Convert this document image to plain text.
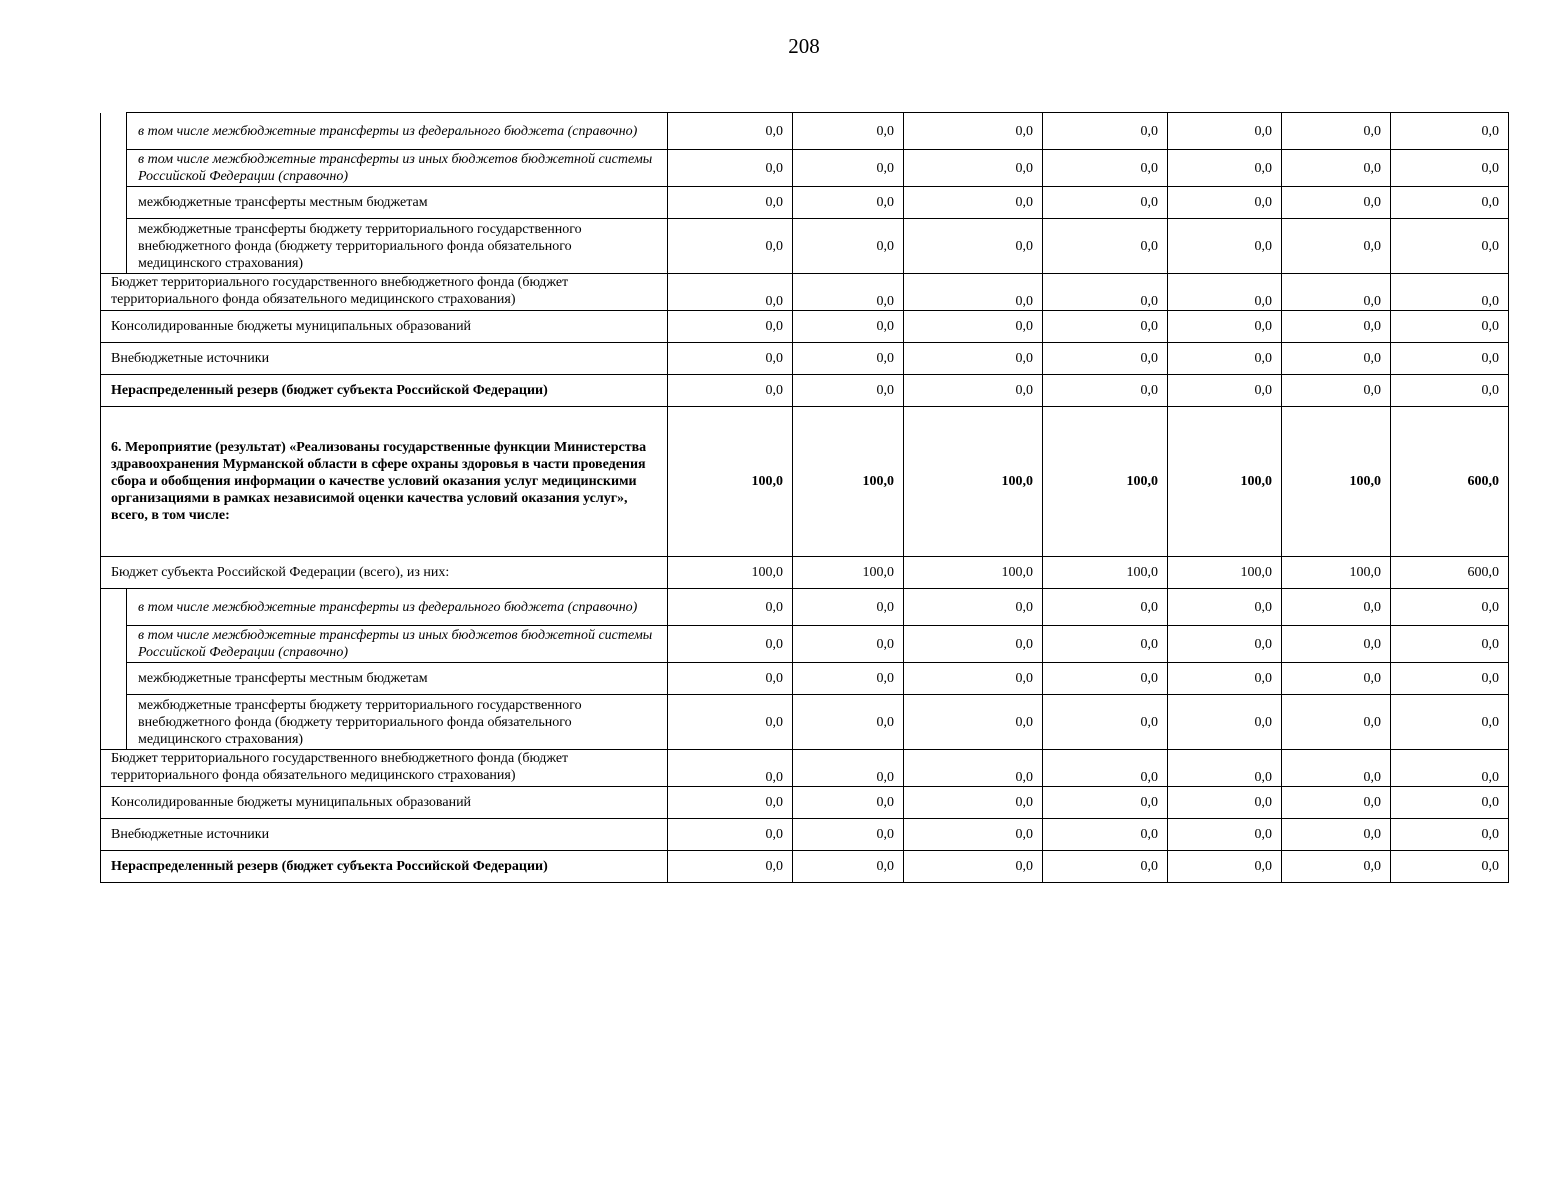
208
	в том числе межбюджетные трансферты из федерального бюджета (справочно)	0,0	0,0	0,0	0,0	0,0	0,0	0,0
	в том числе межбюджетные трансферты из иных бюджетов бюджетной системы Российской Федерации (справочно)	0,0	0,0	0,0	0,0	0,0	0,0	0,0
	межбюджетные трансферты местным бюджетам	0,0	0,0	0,0	0,0	0,0	0,0	0,0
	межбюджетные трансферты бюджету территориального государственного внебюджетного фонда (бюджету территориального фонда обязательного медицинского страхования)	0,0	0,0	0,0	0,0	0,0	0,0	0,0
Бюджет территориального государственного внебюджетного фонда (бюджет территориального фонда обязательного медицинского страхования)		0,0	0,0	0,0	0,0	0,0	0,0	0,0
Консолидированные бюджеты муниципальных образований		0,0	0,0	0,0	0,0	0,0	0,0	0,0
Внебюджетные источники		0,0	0,0	0,0	0,0	0,0	0,0	0,0
Нераспределенный резерв (бюджет субъекта Российской Федерации)		0,0	0,0	0,0	0,0	0,0	0,0	0,0
6. Мероприятие (результат) «Реализованы государственные функции Министерства здравоохранения Мурманской области в сфере охраны здоровья в части проведения сбора и обобщения информации о качестве условий оказания услуг медицинскими организациями в рамках независимой оценки качества условий оказания услуг», всего, в том числе:		100,0	100,0	100,0	100,0	100,0	100,0	600,0
Бюджет субъекта Российской Федерации (всего), из них:		100,0	100,0	100,0	100,0	100,0	100,0	600,0
	в том числе межбюджетные трансферты из федерального бюджета (справочно)	0,0	0,0	0,0	0,0	0,0	0,0	0,0
	в том числе межбюджетные трансферты из иных бюджетов бюджетной системы Российской Федерации (справочно)	0,0	0,0	0,0	0,0	0,0	0,0	0,0
	межбюджетные трансферты местным бюджетам	0,0	0,0	0,0	0,0	0,0	0,0	0,0
	межбюджетные трансферты бюджету территориального государственного внебюджетного фонда (бюджету территориального фонда обязательного медицинского страхования)	0,0	0,0	0,0	0,0	0,0	0,0	0,0
Бюджет территориального государственного внебюджетного фонда (бюджет территориального фонда обязательного медицинского страхования)		0,0	0,0	0,0	0,0	0,0	0,0	0,0
Консолидированные бюджеты муниципальных образований		0,0	0,0	0,0	0,0	0,0	0,0	0,0
Внебюджетные источники		0,0	0,0	0,0	0,0	0,0	0,0	0,0
Нераспределенный резерв (бюджет субъекта Российской Федерации)		0,0	0,0	0,0	0,0	0,0	0,0	0,0
